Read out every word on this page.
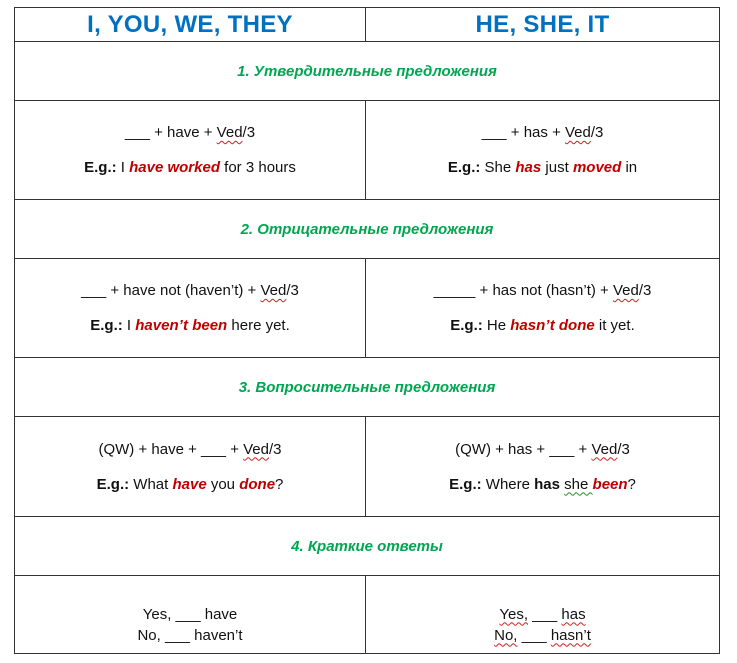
I, YOU, WE, THEY	HE, SHE, IT
1. Утвердительные предложения
___ + have + Ved/3
E.g.: I have worked for 3 hours
___ + has + Ved/3
E.g.: She has just moved in
2. Отрицательные предложения
___ + have not (haven’t) + Ved/3
E.g.: I haven’t been here yet.
_____ + has not (hasn’t) + Ved/3
E.g.: He hasn’t done it yet.
3. Вопросительные предложения
(QW) + have + ___ + Ved/3
E.g.: What have you done?
(QW) + has + ___ + Ved/3
E.g.: Where has she been?
4. Краткие ответы
Yes, ___ have
No, ___ haven’t
Yes, ___ has
No, ___ hasn’t
